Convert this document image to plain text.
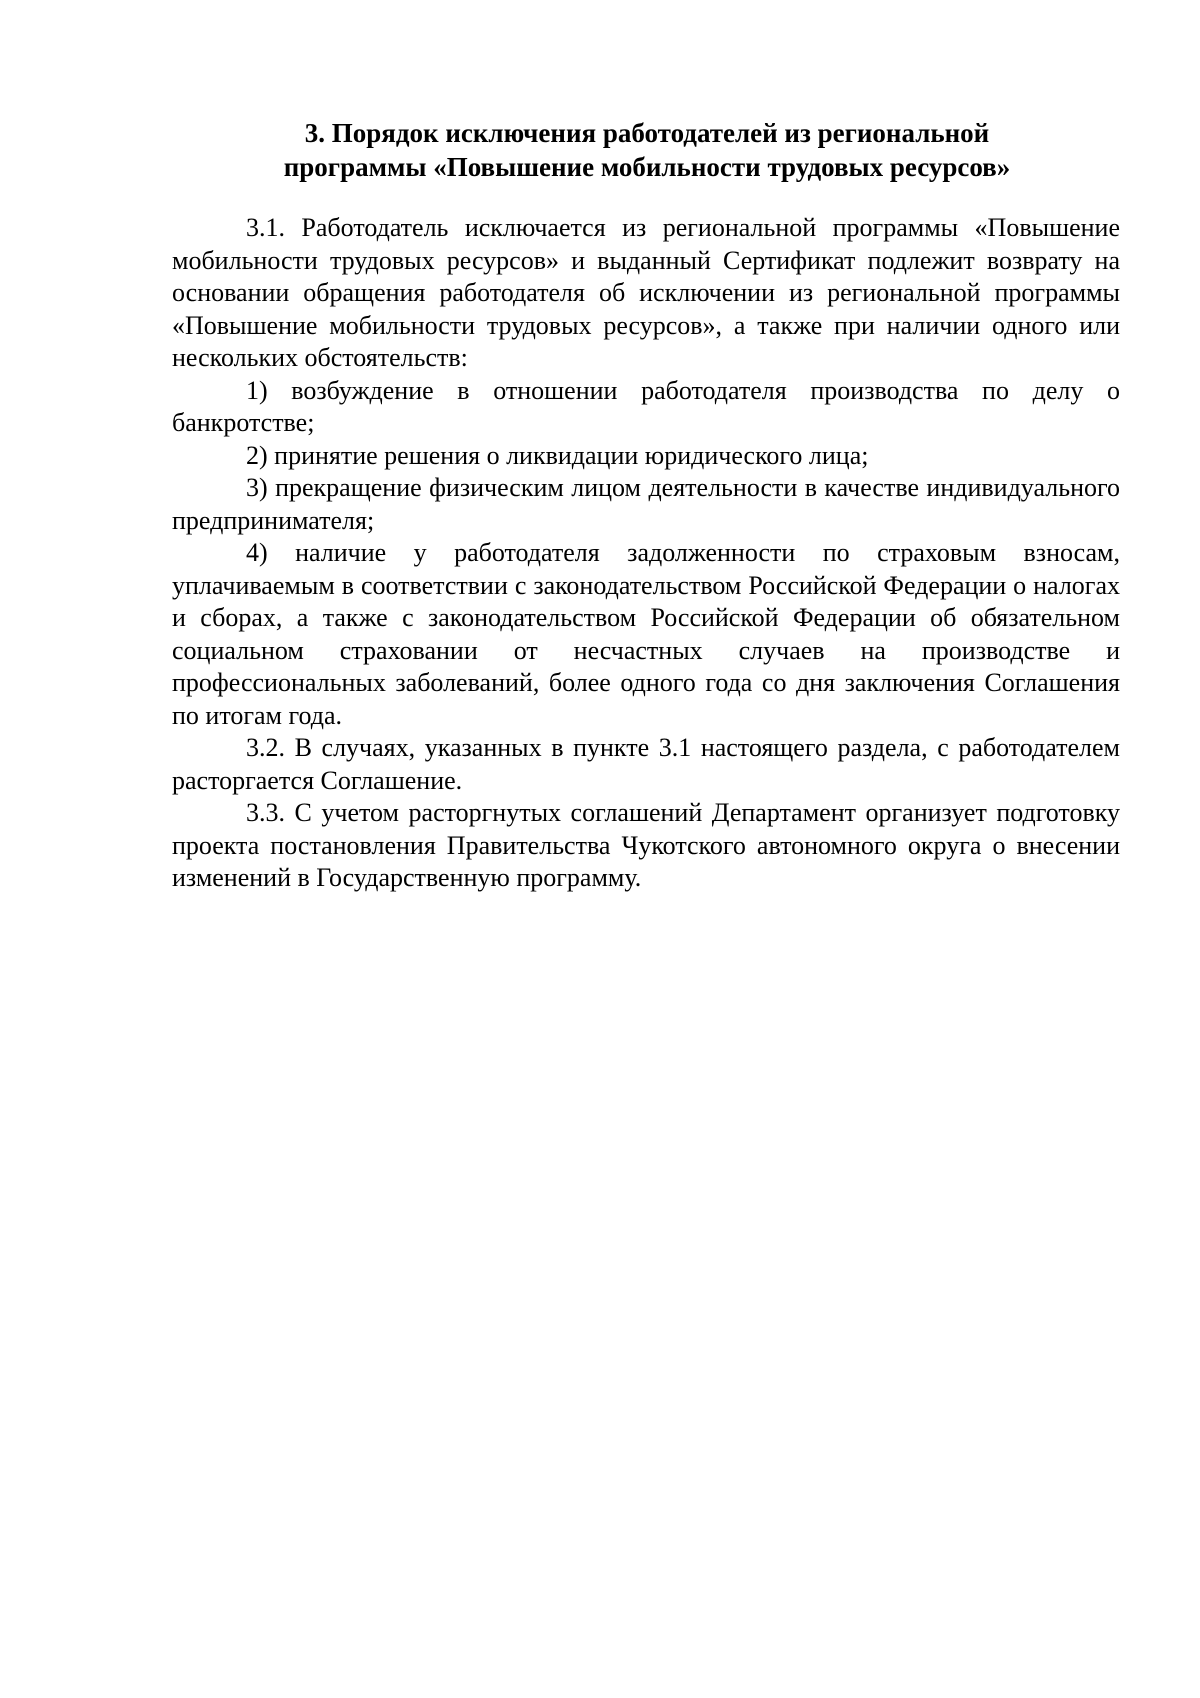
3. Порядок исключения работодателей из региональной
программы «Повышение мобильности трудовых ресурсов»

3.1. Работодатель исключается из региональной программы «Повышение мобильности трудовых ресурсов» и выданный Сертификат подлежит возврату на основании обращения работодателя об исключении из региональной программы «Повышение мобильности трудовых ресурсов», а также при наличии одного или нескольких обстоятельств:

1) возбуждение в отношении работодателя производства по делу о банкротстве;

2) принятие решения о ликвидации юридического лица;

3) прекращение физическим лицом деятельности в качестве индивидуального предпринимателя;

4) наличие у работодателя задолженности по страховым взносам, уплачиваемым в соответствии с законодательством Российской Федерации о налогах и сборах, а также с законодательством Российской Федерации об обязательном социальном страховании от несчастных случаев на производстве и профессиональных заболеваний, более одного года со дня заключения Соглашения по итогам года.

3.2. В случаях, указанных в пункте 3.1 настоящего раздела, с работодателем расторгается Соглашение.

3.3. С учетом расторгнутых соглашений Департамент организует подготовку проекта постановления Правительства Чукотского автономного округа о внесении изменений в Государственную программу.
